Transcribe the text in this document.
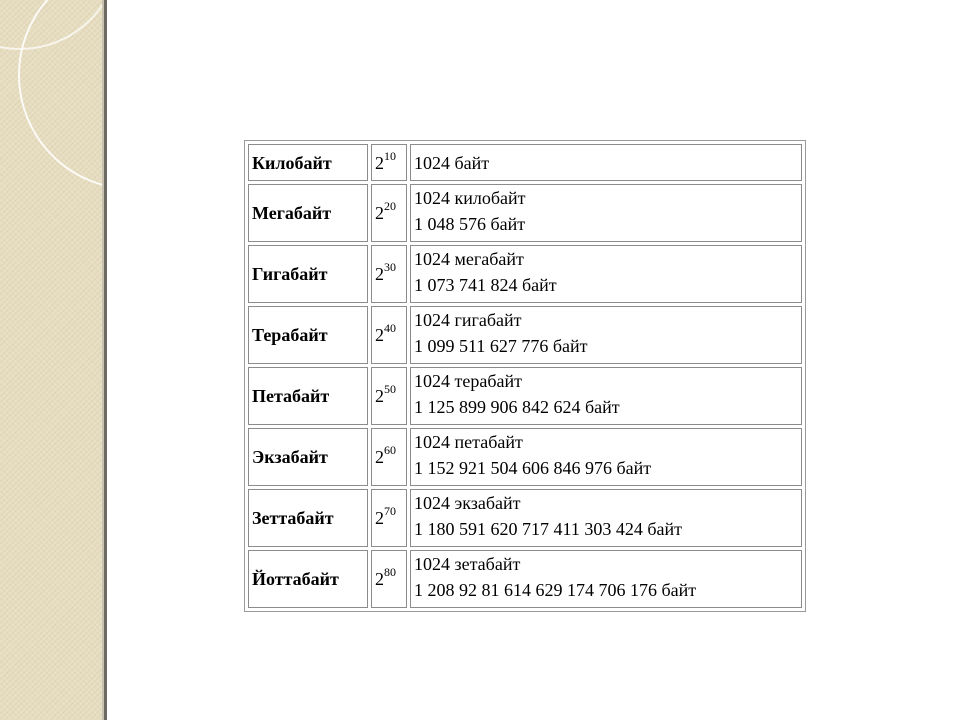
Килобайт	$2^{10}$	1024 байт

Мегабайт	$2^{20}$	1024 килобайт
1 048 576 байт

Гигабайт	$2^{30}$	1024 мегабайт
1 073 741 824 байт

Терабайт	$2^{40}$	1024 гигабайт
1 099 511 627 776 байт

Петабайт	$2^{50}$	1024 терабайт
1 125 899 906 842 624 байт

Экзабайт	$2^{60}$	1024 петабайт
1 152 921 504 606 846 976 байт

Зеттабайт	$2^{70}$	1024 экзабайт
1 180 591 620 717 411 303 424 байт

Йоттабайт	$2^{80}$	1024 зетабайт
1 208 92 81 614 629 174 706 176 байт
